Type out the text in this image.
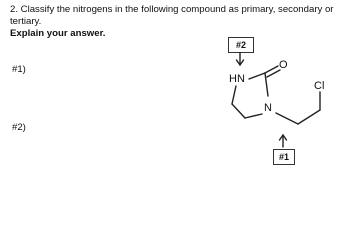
2. Classify the nitrogens in the following compound as primary, secondary or tertiary.
Explain your answer.
#1)
#2)
#2
#1
HN
N
O
Cl
